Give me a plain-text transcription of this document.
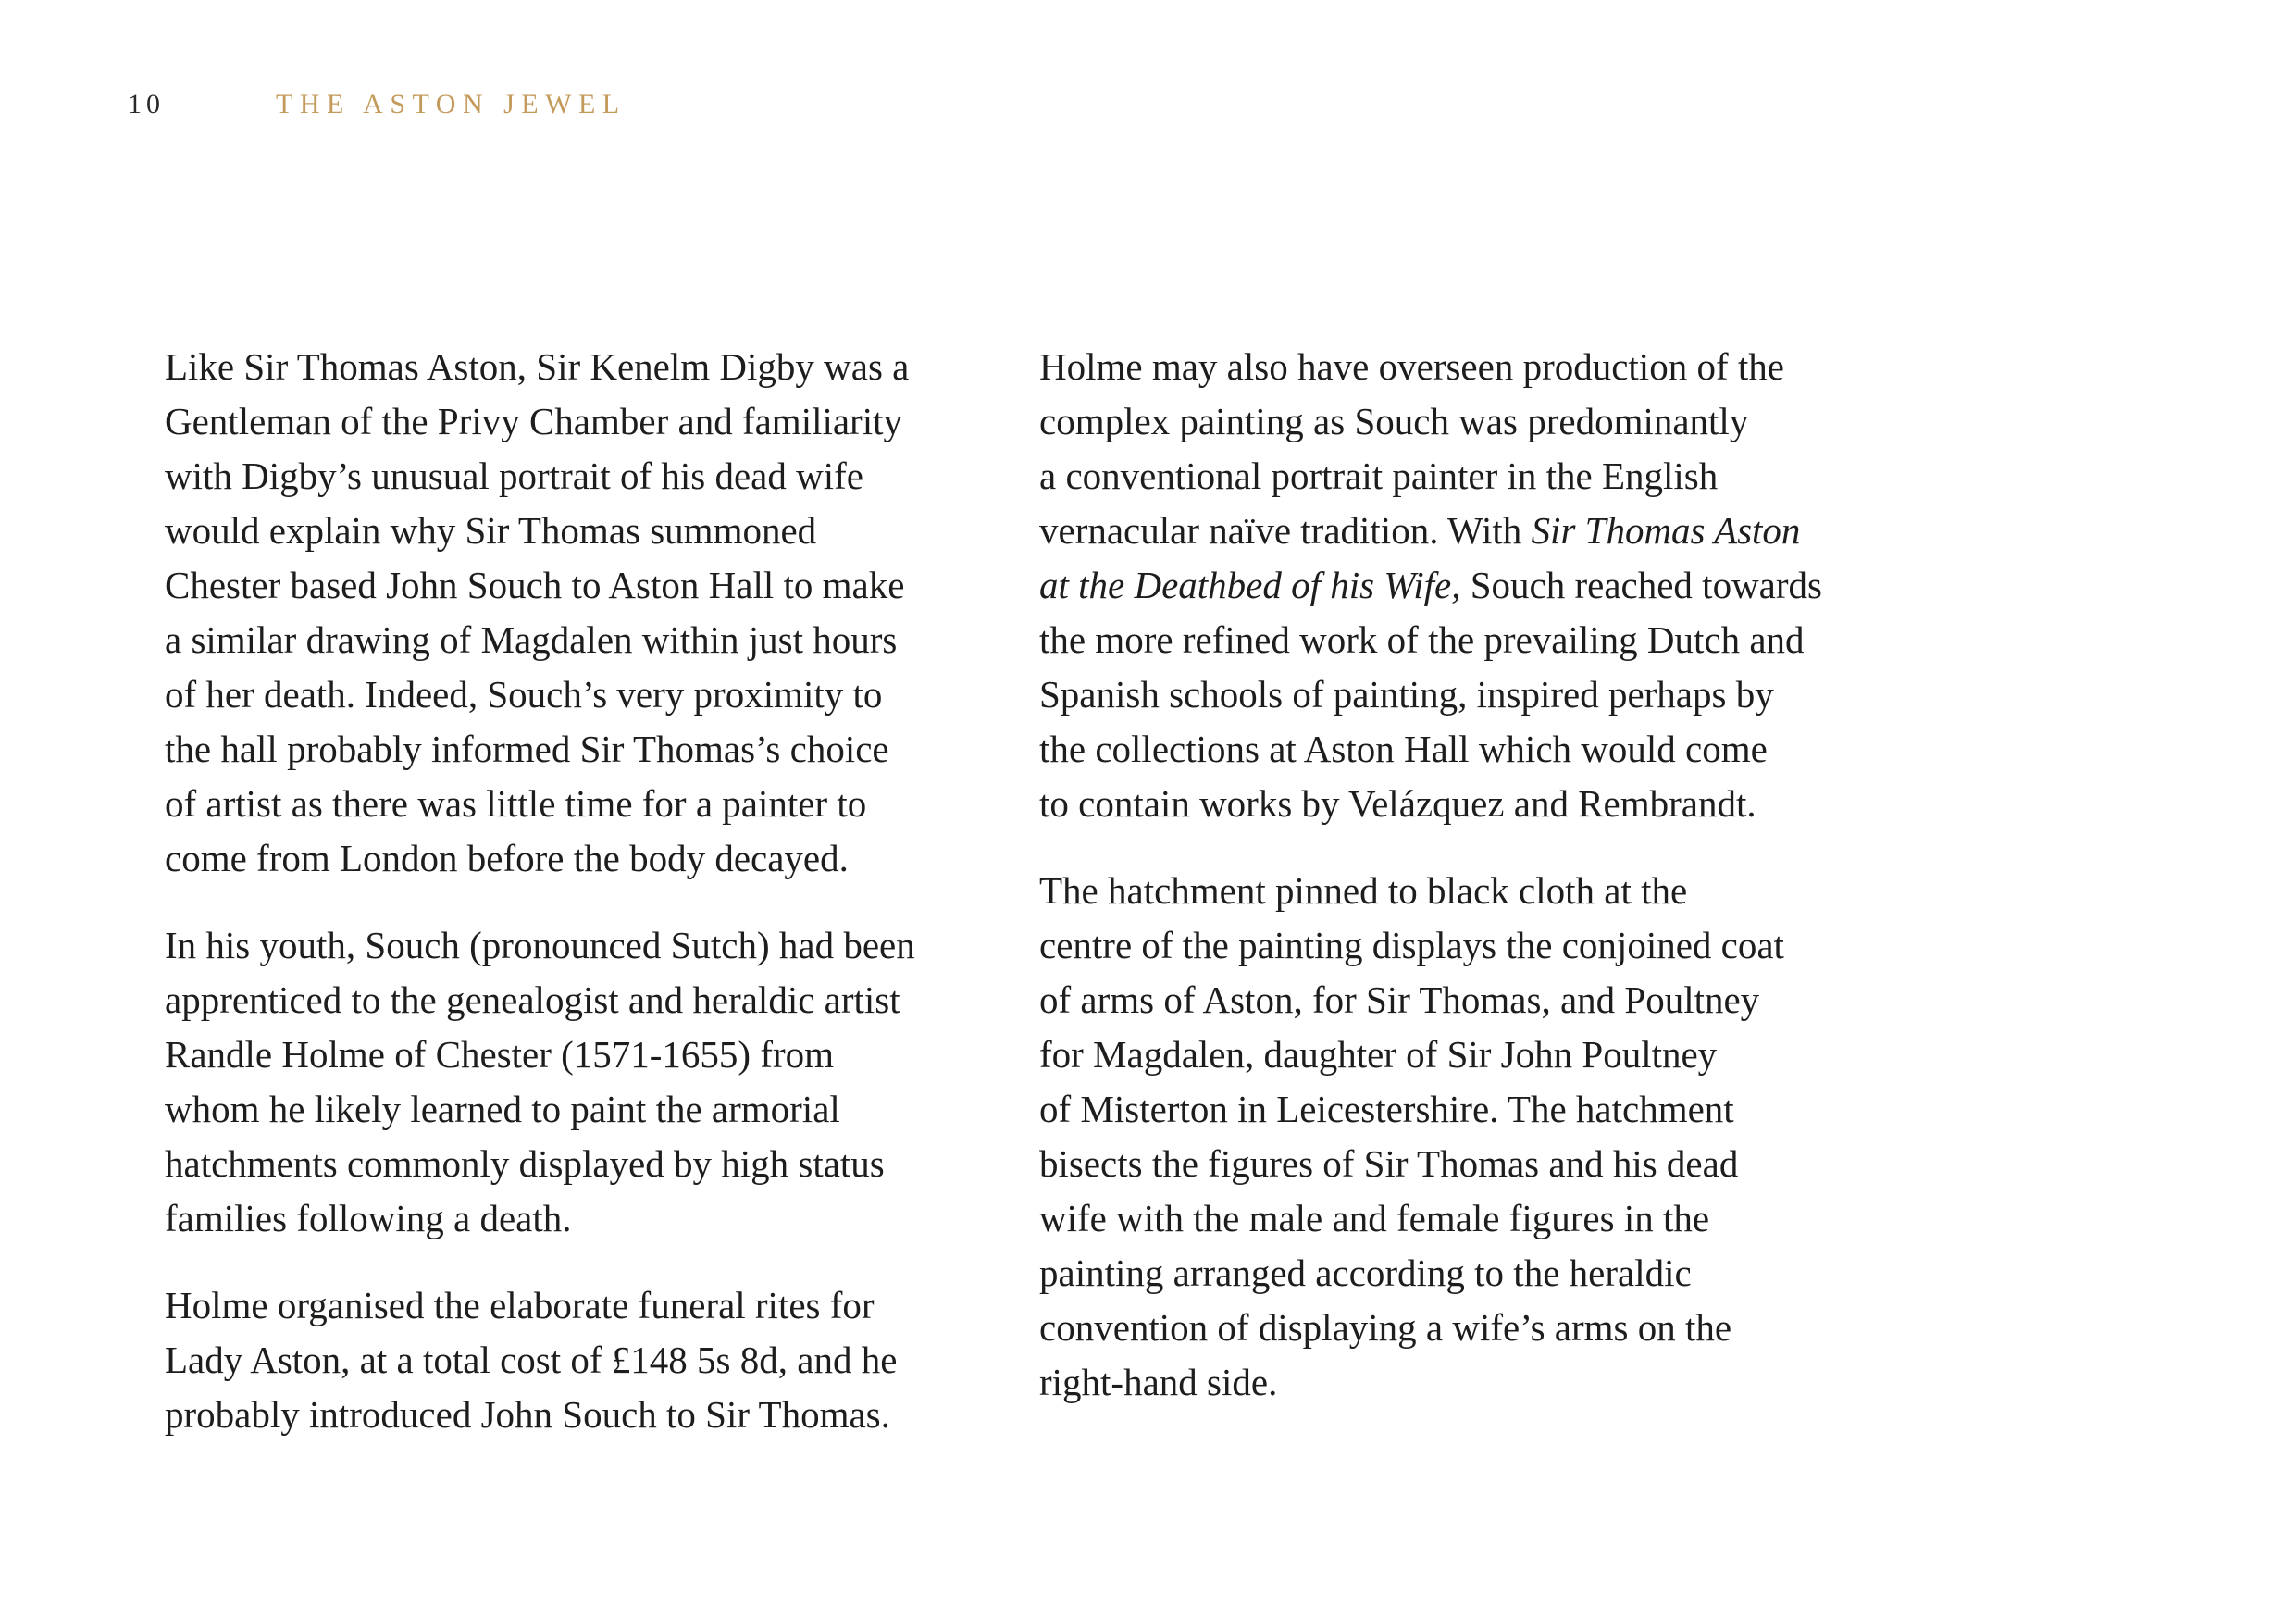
10	THE ASTON JEWEL

Like Sir Thomas Aston, Sir Kenelm Digby was a
Gentleman of the Privy Chamber and familiarity
with Digby’s unusual portrait of his dead wife
would explain why Sir Thomas summoned
Chester based John Souch to Aston Hall to make
a similar drawing of Magdalen within just hours
of her death. Indeed, Souch’s very proximity to
the hall probably informed Sir Thomas’s choice
of artist as there was little time for a painter to
come from London before the body decayed.

In his youth, Souch (pronounced Sutch) had been
apprenticed to the genealogist and heraldic artist
Randle Holme of Chester (1571-1655) from
whom he likely learned to paint the armorial
hatchments commonly displayed by high status
families following a death.

Holme organised the elaborate funeral rites for
Lady Aston, at a total cost of £148 5s 8d, and he
probably introduced John Souch to Sir Thomas.

Holme may also have overseen production of the
complex painting as Souch was predominantly
a conventional portrait painter in the English
vernacular naïve tradition. With Sir Thomas Aston
at the Deathbed of his Wife, Souch reached towards
the more refined work of the prevailing Dutch and
Spanish schools of painting, inspired perhaps by
the collections at Aston Hall which would come
to contain works by Velázquez and Rembrandt.

The hatchment pinned to black cloth at the
centre of the painting displays the conjoined coat
of arms of Aston, for Sir Thomas, and Poultney
for Magdalen, daughter of Sir John Poultney
of Misterton in Leicestershire. The hatchment
bisects the figures of Sir Thomas and his dead
wife with the male and female figures in the
painting arranged according to the heraldic
convention of displaying a wife’s arms on the
right-hand side.
